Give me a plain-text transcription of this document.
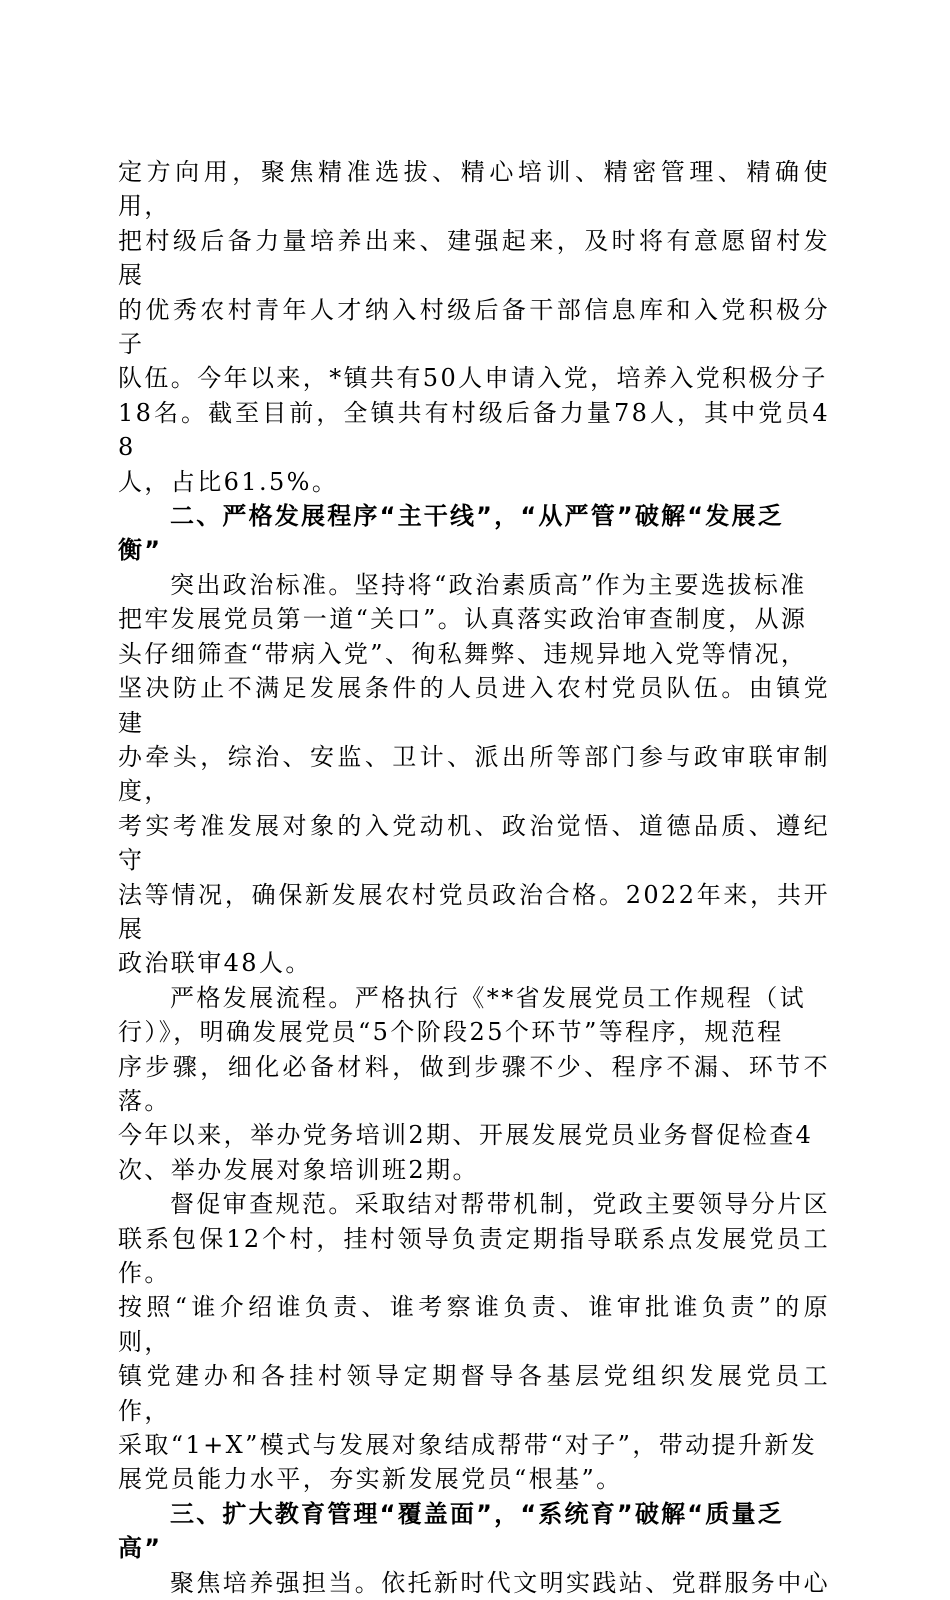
定方向用，聚焦精准选拔、精心培训、精密管理、精确使用，
把村级后备力量培养出来、建强起来，及时将有意愿留村发展
的优秀农村青年人才纳入村级后备干部信息库和入党积极分子
队伍。今年以来，*镇共有50人申请入党，培养入党积极分子
18名。截至目前，全镇共有村级后备力量78人，其中党员48
人，占比61.5%。

二、严格发展程序“主干线”，“从严管”破解“发展乏
衡”

突出政治标准。坚持将“政治素质高”作为主要选拔标准
把牢发展党员第一道“关口”。认真落实政治审查制度，从源
头仔细筛查“带病入党”、徇私舞弊、违规异地入党等情况，
坚决防止不满足发展条件的人员进入农村党员队伍。由镇党建
办牵头，综治、安监、卫计、派出所等部门参与政审联审制度，
考实考准发展对象的入党动机、政治觉悟、道德品质、遵纪守
法等情况，确保新发展农村党员政治合格。2022年来，共开展
政治联审48人。

严格发展流程。严格执行《**省发展党员工作规程（试
行）》，明确发展党员“5个阶段25个环节”等程序，规范程
序步骤，细化必备材料，做到步骤不少、程序不漏、环节不落。
今年以来，举办党务培训2期、开展发展党员业务督促检查4
次、举办发展对象培训班2期。

督促审查规范。采取结对帮带机制，党政主要领导分片区
联系包保12个村，挂村领导负责定期指导联系点发展党员工作。
按照“谁介绍谁负责、谁考察谁负责、谁审批谁负责”的原则，
镇党建办和各挂村领导定期督导各基层党组织发展党员工作，
采取“1+X”模式与发展对象结成帮带“对子”，带动提升新发
展党员能力水平，夯实新发展党员“根基”。

三、扩大教育管理“覆盖面”，“系统育”破解“质量乏
高”

聚焦培养强担当。依托新时代文明实践站、党群服务中心
